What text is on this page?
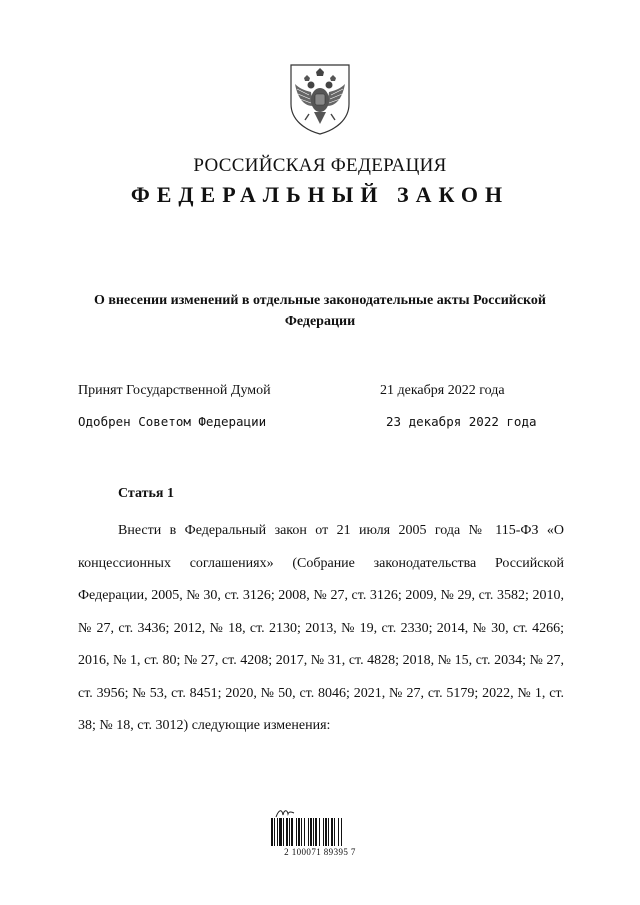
РОССИЙСКАЯ ФЕДЕРАЦИЯ
ФЕДЕРАЛЬНЫЙ ЗАКОН
О внесении изменений в отдельные законодательные акты Российской Федерации
Принят Государственной Думой	21 декабря 2022 года
Одобрен Советом Федерации	23 декабря 2022 года
Статья 1
Внести в Федеральный закон от 21 июля 2005 года № 115-ФЗ «О концессионных соглашениях» (Собрание законодательства Российской Федерации, 2005, № 30, ст. 3126; 2008, № 27, ст. 3126; 2009, № 29, ст. 3582; 2010, № 27, ст. 3436; 2012, № 18, ст. 2130; 2013, № 19, ст. 2330; 2014, № 30, ст. 4266; 2016, № 1, ст. 80; № 27, ст. 4208; 2017, № 31, ст. 4828; 2018, № 15, ст. 2034; № 27, ст. 3956; № 53, ст. 8451; 2020, № 50, ст. 8046; 2021, № 27, ст. 5179; 2022, № 1, ст. 38; № 18, ст. 3012) следующие изменения:
2 100071 89395 7
